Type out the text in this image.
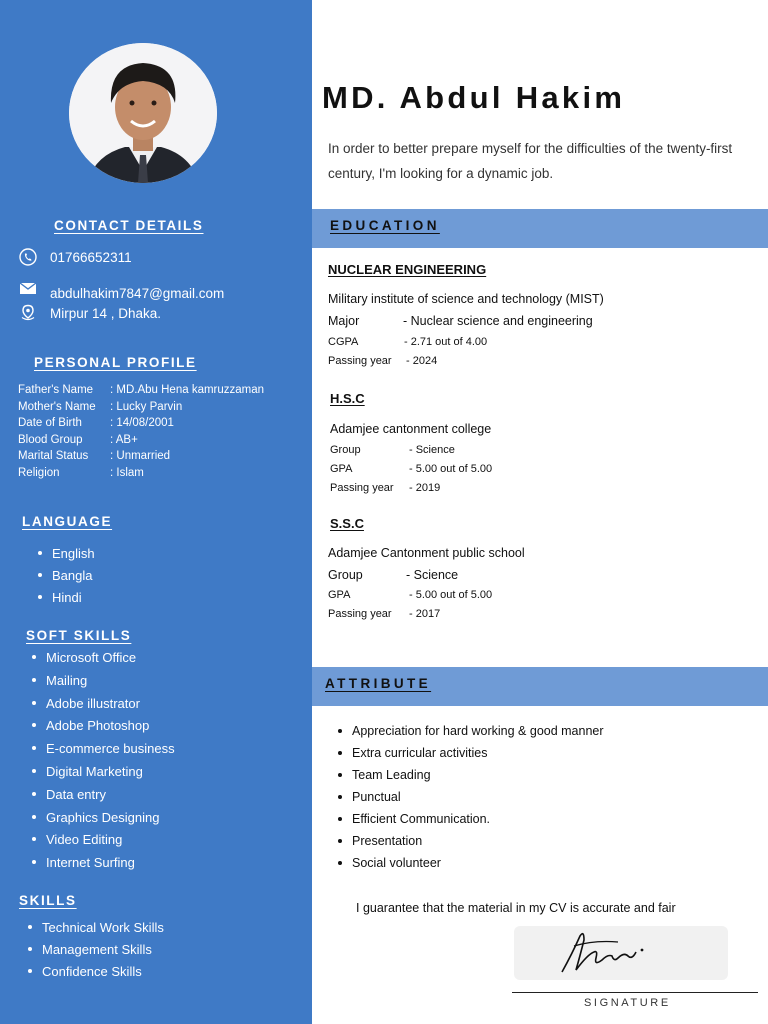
CONTACT DETAILS
01766652311
abdulhakim7847@gmail.com
Mirpur 14 , Dhaka.
PERSONAL PROFILE
Father's Name	: MD.Abu Hena kamruzzaman
Mother's Name	: Lucky Parvin
Date of Birth	: 14/08/2001
Blood Group	: AB+
Marital Status	: Unmarried
Religion	: Islam
LANGUAGE
English
Bangla
Hindi
SOFT SKILLS
Microsoft Office
Mailing
Adobe illustrator
Adobe Photoshop
E-commerce business
Digital Marketing
Data entry
Graphics Designing
Video Editing
Internet Surfing
SKILLS
Technical Work Skills
Management Skills
Confidence Skills
MD. Abdul Hakim
In order to better prepare myself for the difficulties of the twenty-first century, I'm looking for a dynamic job.
EDUCATION
NUCLEAR ENGINEERING
Military institute of science and technology (MIST)
Major	- Nuclear science and engineering
CGPA	- 2.71 out of 4.00
Passing year	- 2024
H.S.C
Adamjee cantonment college
Group	- Science
GPA	- 5.00 out of 5.00
Passing year	- 2019
S.S.C
Adamjee Cantonment public school
Group	- Science
GPA	- 5.00 out of 5.00
Passing year	- 2017
ATTRIBUTE
Appreciation for hard working & good manner
Extra curricular activities
Team Leading
Punctual
Efficient Communication.
Presentation
Social volunteer
I guarantee that the material in my CV is accurate and fair
SIGNATURE
